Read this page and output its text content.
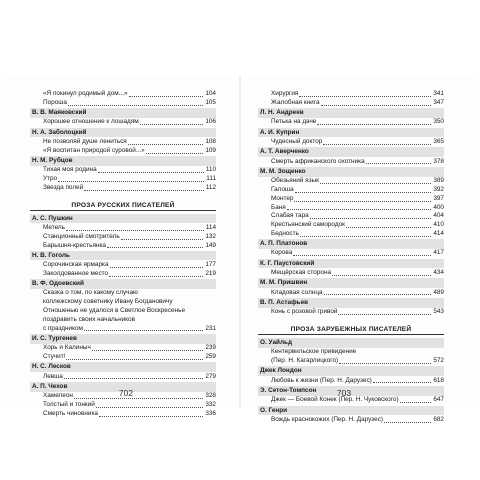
«Я покинул родимый дом...»	104
Пороша	105
В. В. Маяковский
Хорошее отношение к лошадям	106
Н. А. Заболоцкий
Не позволяй душе лениться	108
«Я воспитан природой суровой...»	109
Н. М. Рубцов
Тихая моя родина	110
Утро	111
Звезда полей	112
ПРОЗА РУССКИХ ПИСАТЕЛЕЙ
А. С. Пушкин
Метель	114
Станционный смотритель	132
Барышня-крестьянка	149
Н. В. Гоголь
Сорочинская ярмарка	177
Заколдованное место	219
В. Ф. Одоевский
Сказка о том, по какому случаю
коллежскому советнику Ивану Богдановичу
Отношенью не удалося в Светлое Воскресенье
поздравить своих начальников
с праздником	231
И. С. Тургенев
Хорь и Калиныч	239
Стучит!	259
Н. С. Лесков
Левша	279
А. П. Чехов
Хамелеон	328
Толстый и тонкий	332
Смерть чиновника	336
Хирургия	341
Жалобная книга	347
Л. Н. Андреев
Петька на даче	350
А. И. Куприн
Чудесный доктор	365
А. Т. Аверченко
Смерть африканского охотника	378
М. М. Зощенко
Обезьяний язык	389
Галоша	392
Монтер	397
Баня	400
Слабая тара	404
Крестьянский самородок	410
Бедность	414
А. П. Платонов
Корова	417
К. Г. Паустовский
Мещёрская сторона	434
М. М. Пришвин
Кладовая солнца	489
В. П. Астафьев
Конь с розовой гривой	543
ПРОЗА ЗАРУБЕЖНЫХ ПИСАТЕЛЕЙ
О. Уайльд
Кентервильское привидение
(Пер. Н. Кагарлицкого)	572
Джек Лондон
Любовь к жизни (Пер. Н. Дарузес)	618
Э. Сетон-Томпсон
Джек — Боевой Конек (Пер. Н. Чуковского)	647
О. Генри
Вождь краснокожих (Пер. Н. Дарузес)	682
702	703
